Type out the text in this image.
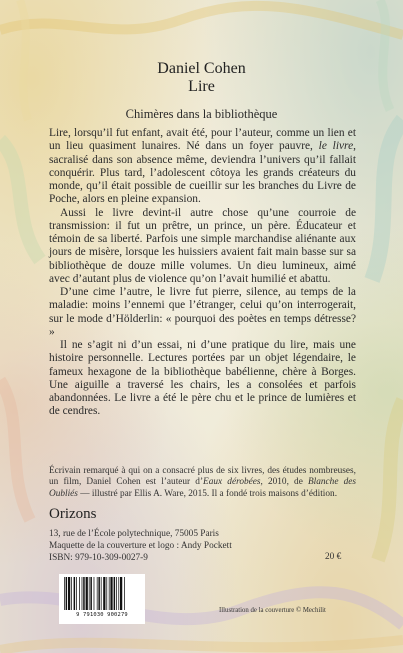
Daniel Cohen

Lire

Chimères dans la bibliothèque

Lire, lorsqu’il fut enfant, avait été, pour l’auteur, comme un lien et un lieu quasiment lunaires. Né dans un foyer pauvre, le livre, sacralisé dans son absence même, deviendra l’univers qu’il fallait conquérir. Plus tard, l’adolescent côtoya les grands créateurs du monde, qu’il était possible de cueillir sur les branches du Livre de Poche, alors en pleine expansion.

Aussi le livre devint-il autre chose qu’une courroie de transmission: il fut un prêtre, un prince, un père. Éducateur et témoin de sa liberté. Parfois une simple marchandise aliénante aux jours de misère, lorsque les huissiers avaient fait main basse sur sa bibliothèque de douze mille volumes. Un dieu lumineux, aimé avec d’autant plus de violence qu’on l’avait humilié et abattu.

D’une cime l’autre, le livre fut pierre, silence, au temps de la maladie: moins l’ennemi que l’étranger, celui qu’on interrogerait, sur le mode d’Hölderlin: « pourquoi des poètes en temps détresse? »

Il ne s’agit ni d’un essai, ni d’une pratique du lire, mais une histoire personnelle. Lectures portées par un objet légendaire, le fameux hexagone de la bibliothèque babélienne, chère à Borges. Une aiguille a traversé les chairs, les a consolées et parfois abandonnées. Le livre a été le père chu et le prince de lumières et de cendres.

Écrivain remarqué à qui on a consacré plus de six livres, des études nombreuses, un film, Daniel Cohen est l’auteur d’Eaux dérobées, 2010, de Blanche des Oubliés — illustré par Ellis A. Ware, 2015. Il a fondé trois maisons d’édition.

Orizons

13, rue de l’École polytechnique, 75005 Paris
Maquette de la couverture et logo : Andy Pockett
ISBN: 979-10-309-0027-9	20 €

9 791030 900279

Illustration de la couverture © Mechilit
